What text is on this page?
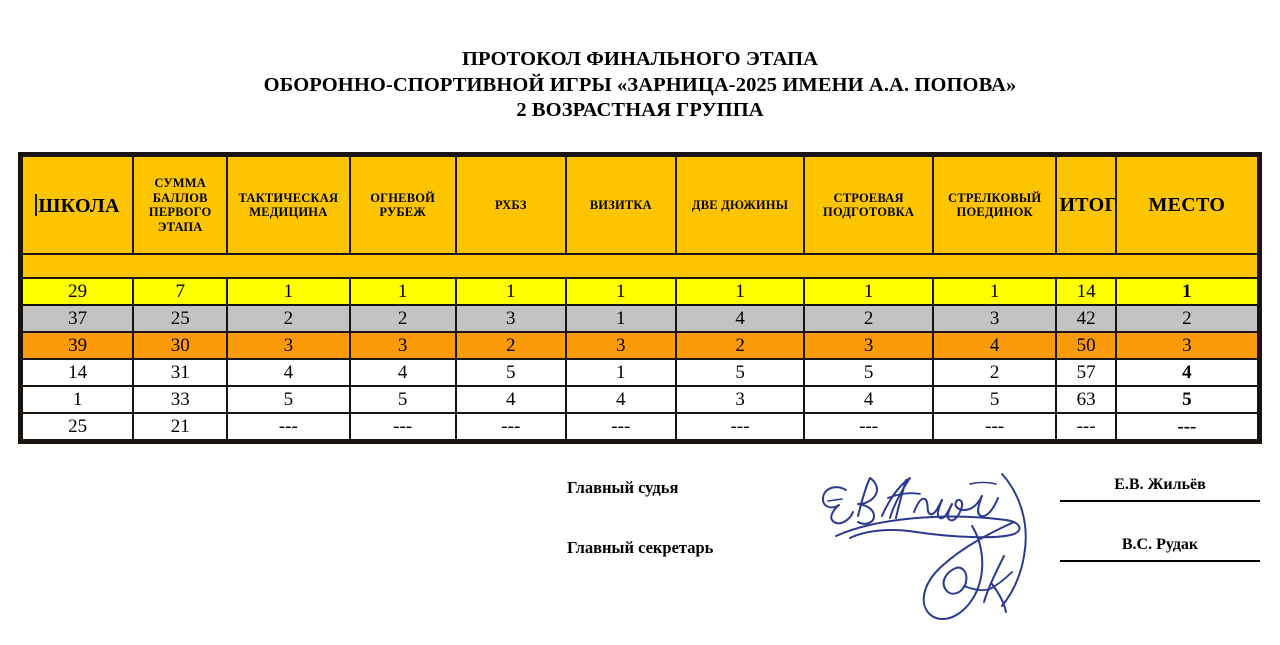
ПРОТОКОЛ ФИНАЛЬНОГО ЭТАПА
ОБОРОННО-СПОРТИВНОЙ ИГРЫ «ЗАРНИЦА-2025 ИМЕНИ А.А. ПОПОВА»
2 ВОЗРАСТНАЯ ГРУППА
ШКОЛА	СУММА БАЛЛОВ ПЕРВОГО ЭТАПА	ТАКТИЧЕСКАЯ МЕДИЦИНА	ОГНЕВОЙ РУБЕЖ	РХБЗ	ВИЗИТКА	ДВЕ ДЮЖИНЫ	СТРОЕВАЯ ПОДГОТОВКА	СТРЕЛКОВЫЙ ПОЕДИНОК	ИТОГ	МЕСТО

29	7	1	1	1	1	1	1	1	14	1
37	25	2	2	3	1	4	2	3	42	2
39	30	3	3	2	3	2	3	4	50	3
14	31	4	4	5	1	5	5	2	57	4
1	33	5	5	4	4	3	4	5	63	5
25	21	---	---	---	---	---	---	---	---	---
Главный судья	Е.В. Жильёв
Главный секретарь	В.С. Рудак
